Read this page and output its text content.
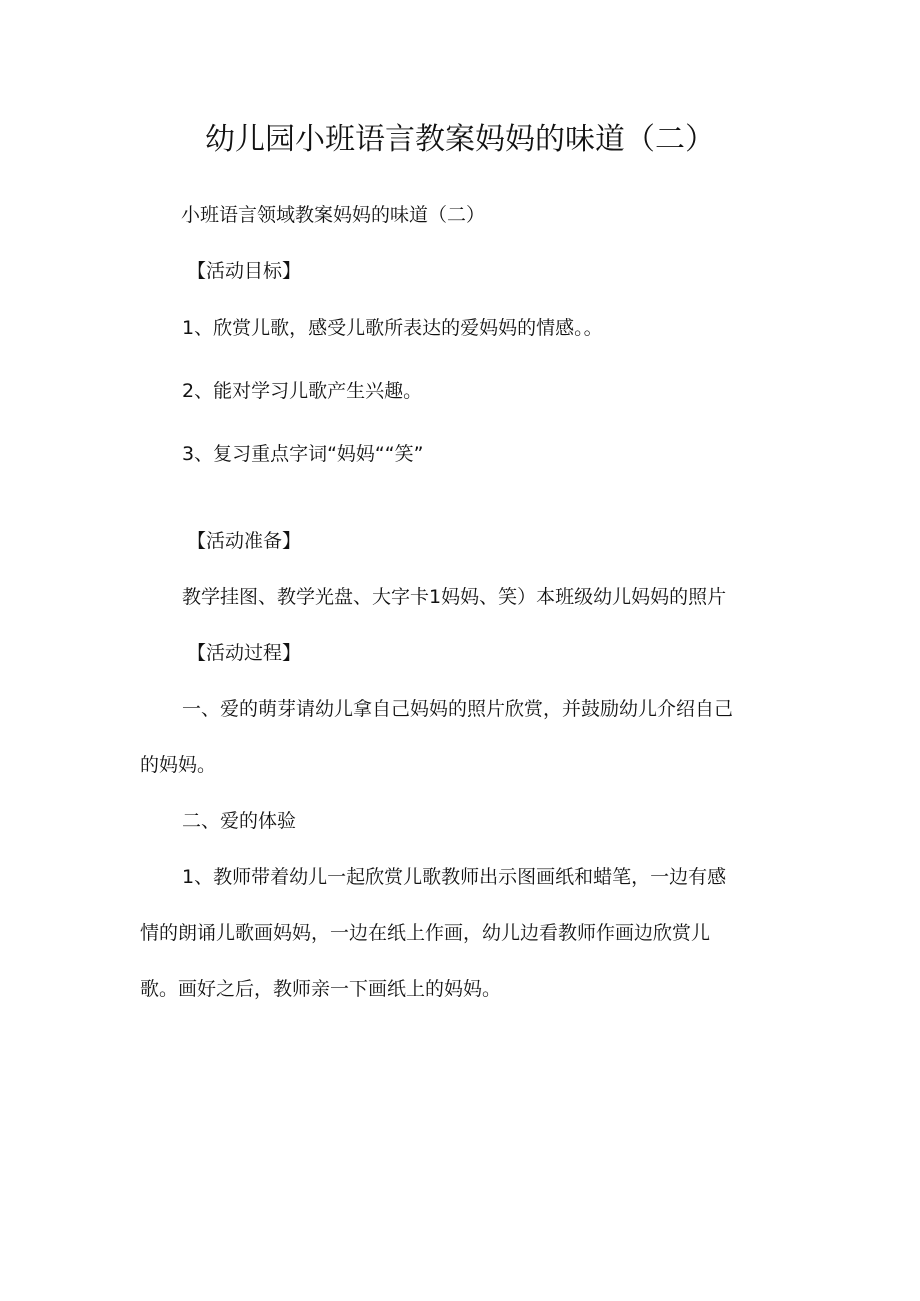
幼儿园小班语言教案妈妈的味道（二）

小班语言领域教案妈妈的味道（二）

【活动目标】

1、欣赏儿歌，感受儿歌所表达的爱妈妈的情感。。

2、能对学习儿歌产生兴趣。

3、复习重点字词“妈妈““笑”

【活动准备】

教学挂图、教学光盘、大字卡1妈妈、笑）本班级幼儿妈妈的照片

【活动过程】

一、爱的萌芽请幼儿拿自己妈妈的照片欣赏，并鼓励幼儿介绍自己

的妈妈。

二、爱的体验

1、教师带着幼儿一起欣赏儿歌教师出示图画纸和蜡笔，一边有感

情的朗诵儿歌画妈妈，一边在纸上作画，幼儿边看教师作画边欣赏儿

歌。画好之后，教师亲一下画纸上的妈妈。
